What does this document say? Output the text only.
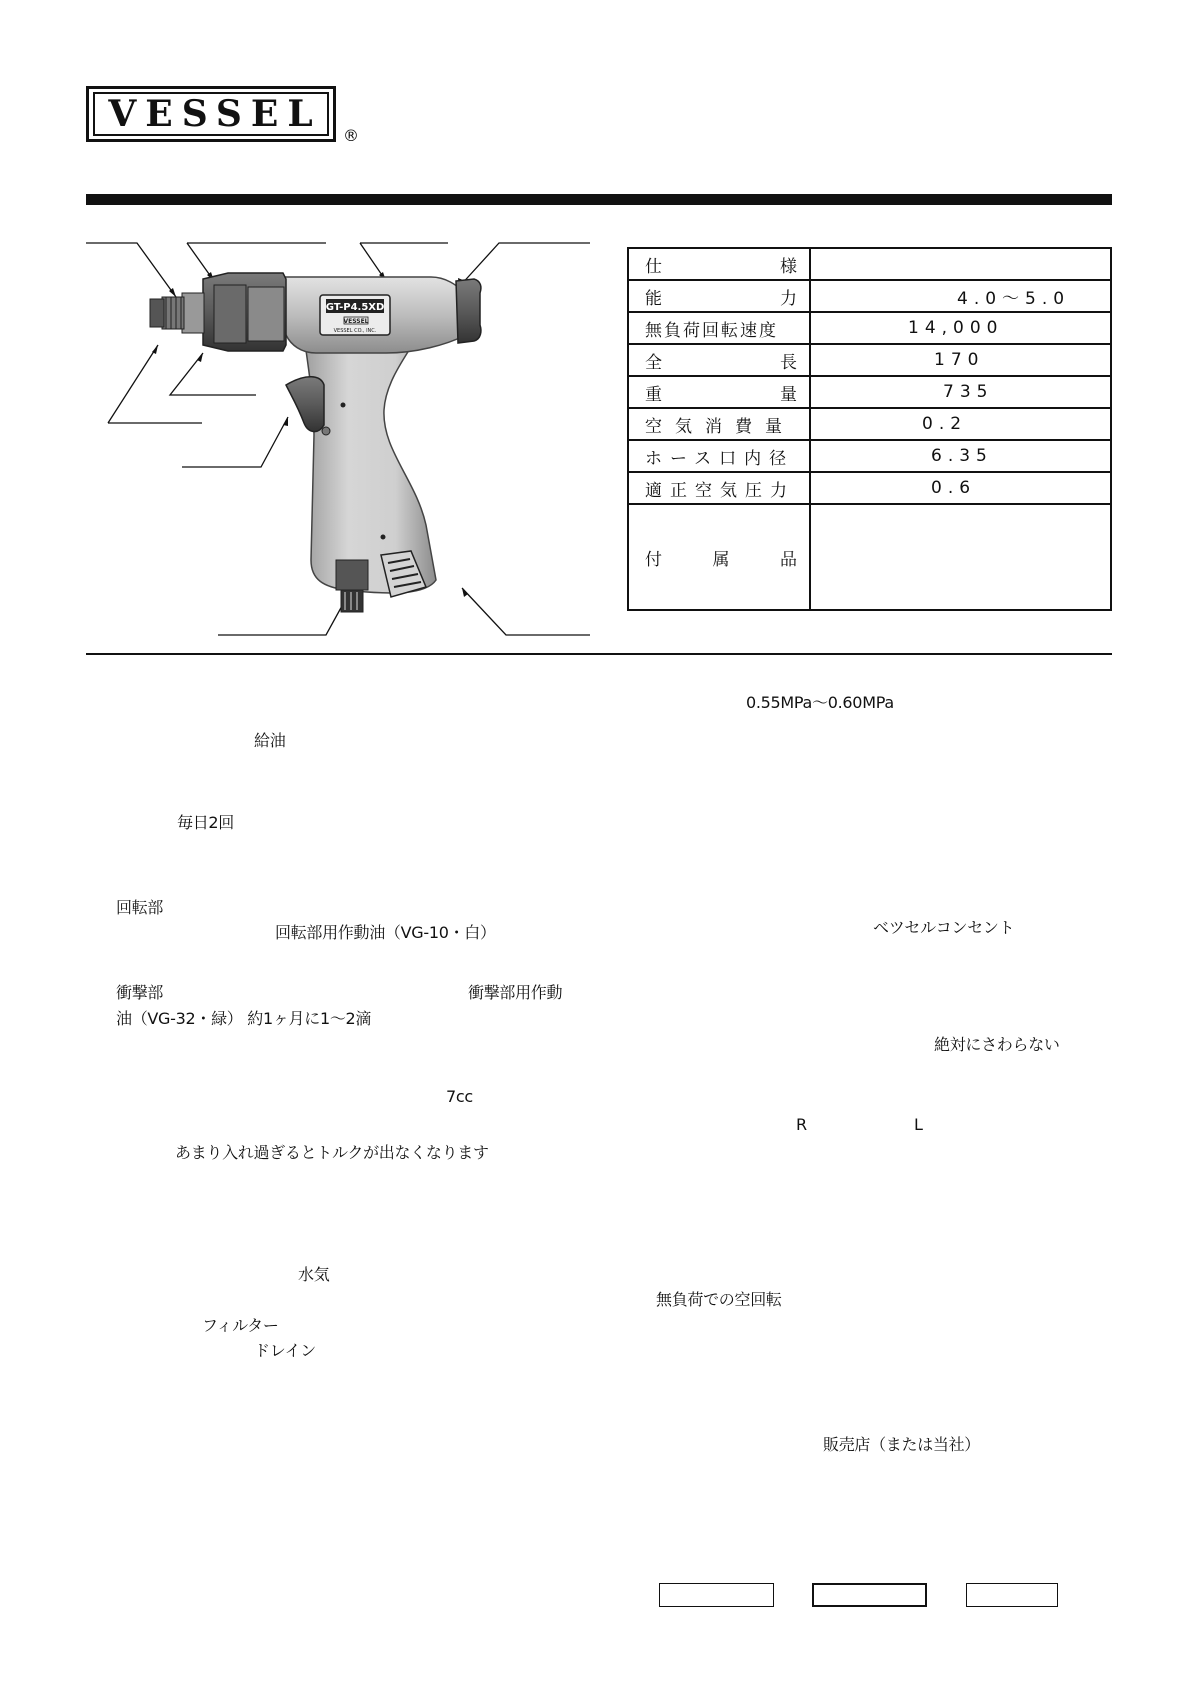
VESSEL
®
GT-P4.5XD
VESSEL
VESSEL CO., INC.
仕 様	

能 力	4.0〜5.0
無負荷回転速度	14,000

全 長	170

重 量	735
空気消費量	0.2
ホース口内径	6.35
適正空気圧力	0.6

付 属 品	

0.55MPa〜0.60MPa
給油
毎日2回
回転部
回転部用作動油（VG-10・白）	ベツセルコンセント
衝撃部	衝撃部用作動
油（VG-32・緑） 約1ヶ月に1〜2滴
絶対にさわらない
7cc
R	L
あまり入れ過ぎるとトルクが出なくなります
水気
無負荷での空回転
フィルター
ドレイン
販売店（または当社）
